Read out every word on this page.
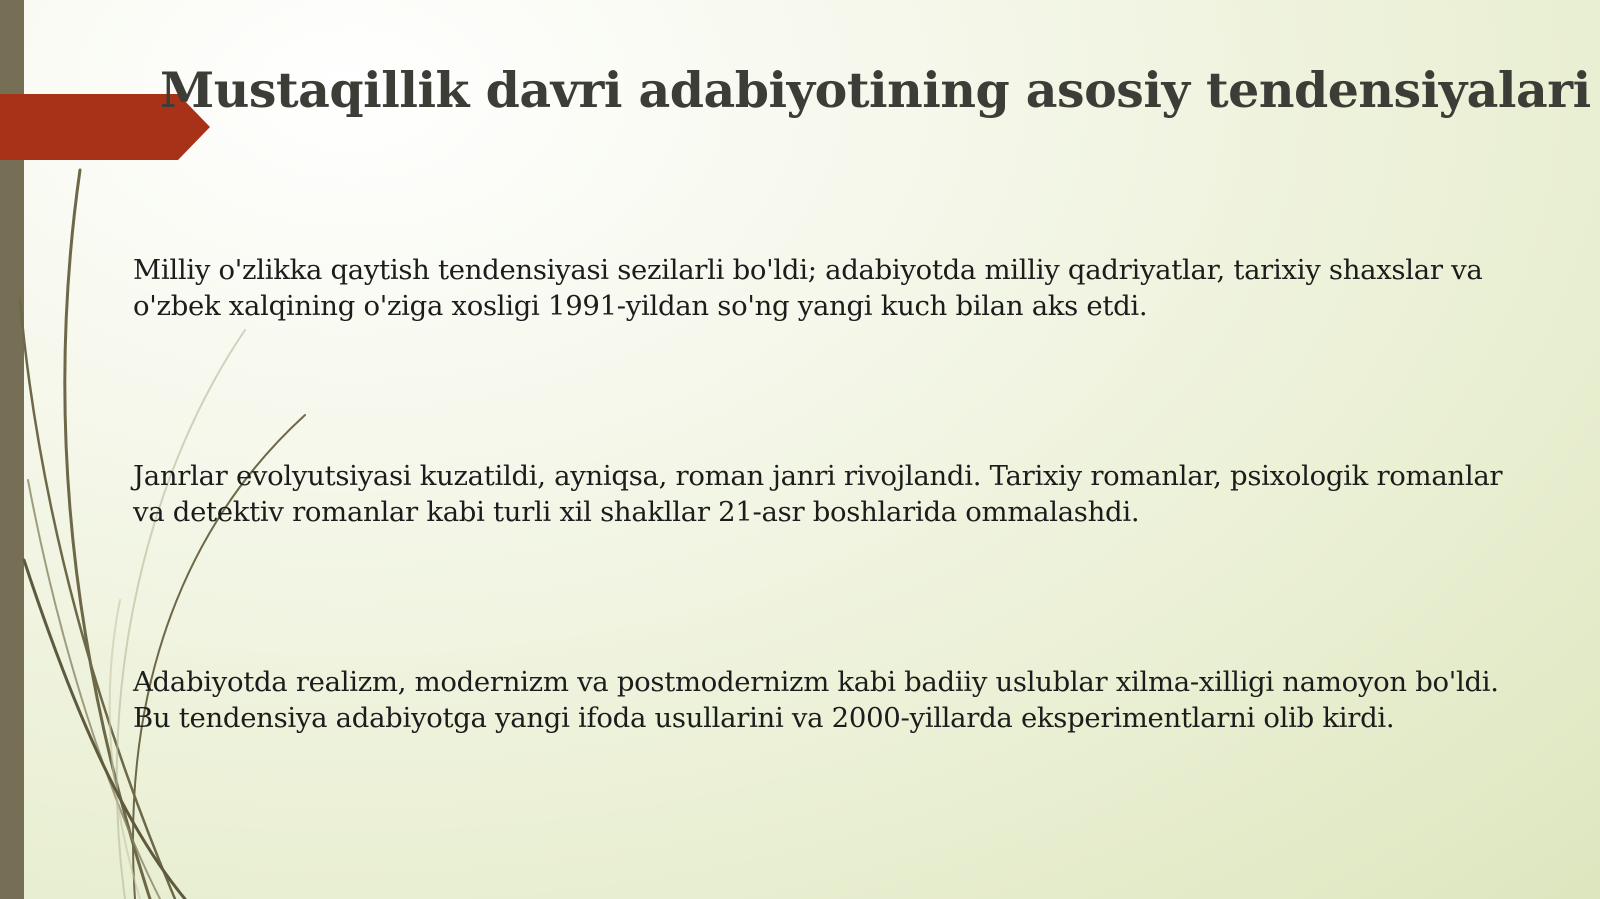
Mustaqillik davri adabiyotining asosiy tendensiyalari

Milliy o'zlikka qaytish tendensiyasi sezilarli bo'ldi; adabiyotda milliy qadriyatlar, tarixiy shaxslar va o'zbek xalqining o'ziga xosligi 1991-yildan so'ng yangi kuch bilan aks etdi.

Janrlar evolyutsiyasi kuzatildi, ayniqsa, roman janri rivojlandi. Tarixiy romanlar, psixologik romanlar va detektiv romanlar kabi turli xil shakllar 21-asr boshlarida ommalashdi.

Adabiyotda realizm, modernizm va postmodernizm kabi badiiy uslublar xilma-xilligi namoyon bo'ldi. Bu tendensiya adabiyotga yangi ifoda usullarini va 2000-yillarda eksperimentlarni olib kirdi.
